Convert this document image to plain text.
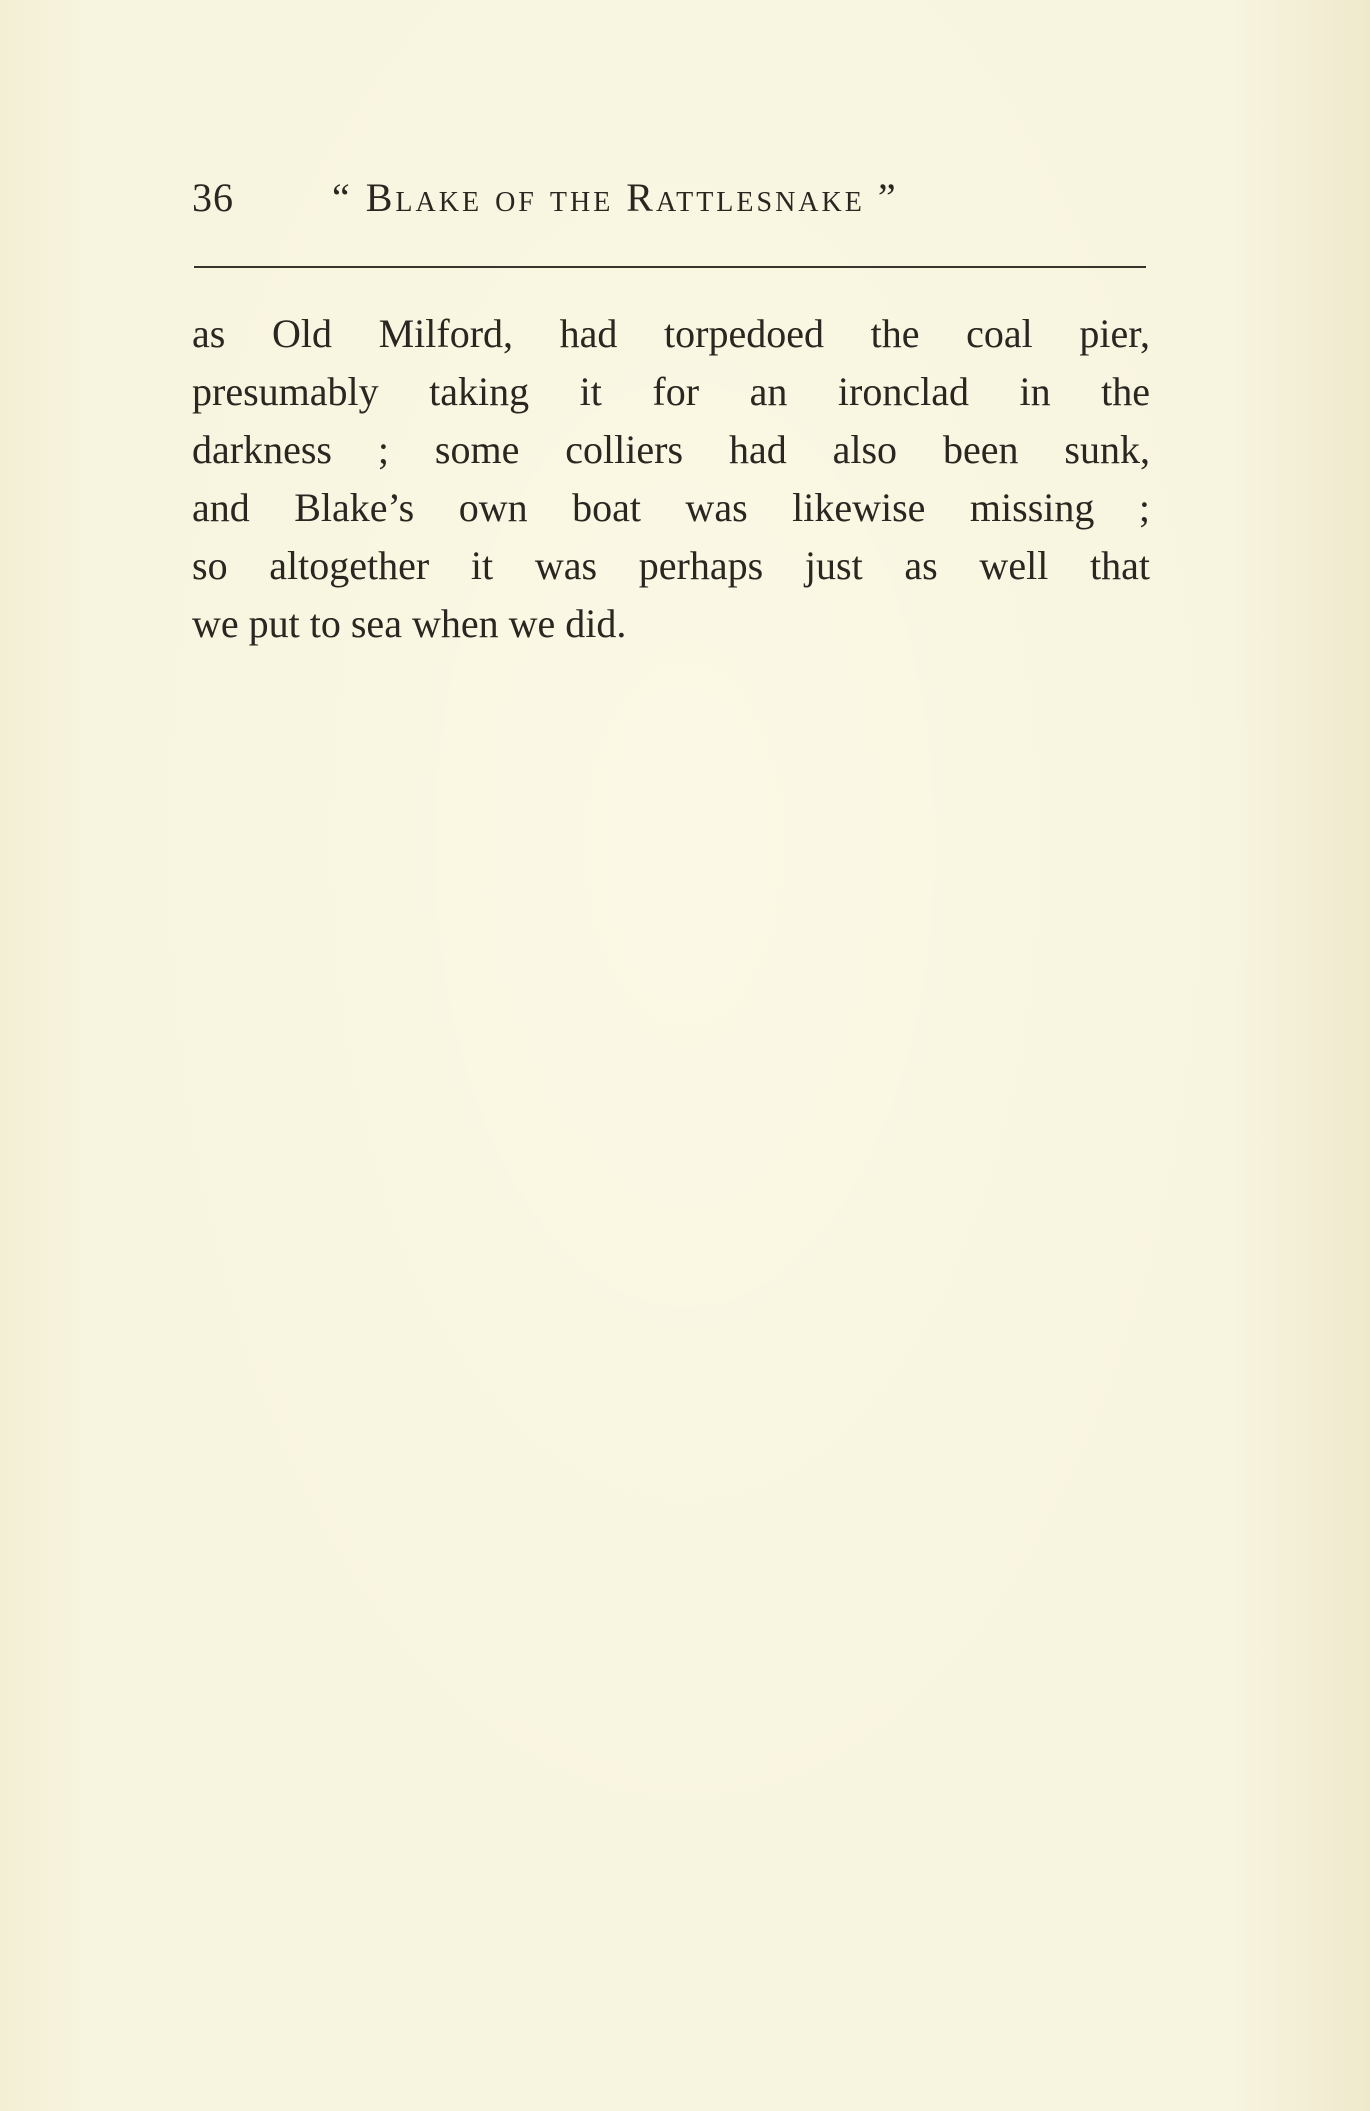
36 “ Blake of the Rattlesnake ”
as Old Milford, had torpedoed the coal pier,
presumably taking it for an ironclad in the
darkness ; some colliers had also been sunk,
and Blake’s own boat was likewise missing ;
so altogether it was perhaps just as well that
we put to sea when we did.
